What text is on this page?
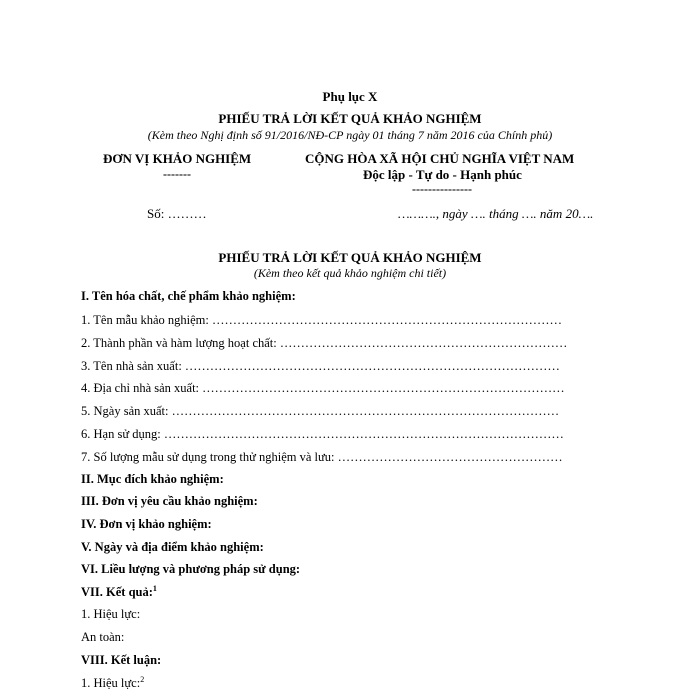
Phụ lục X
PHIẾU TRẢ LỜI KẾT QUẢ KHẢO NGHIỆM
(Kèm theo Nghị định số 91/2016/NĐ-CP ngày 01 tháng 7 năm 2016 của Chính phủ)
ĐƠN VỊ KHẢO NGHIỆM
-------
CỘNG HÒA XÃ HỘI CHỦ NGHĨA VIỆT NAM
Độc lập - Tự do - Hạnh phúc
---------------
Số: ………	………., ngày …. tháng …. năm 20….
PHIẾU TRẢ LỜI KẾT QUẢ KHẢO NGHIỆM
(Kèm theo kết quả khảo nghiệm chi tiết)
I. Tên hóa chất, chế phẩm khảo nghiệm:
1. Tên mẫu khảo nghiệm: …………………………………………………………………………
2. Thành phần và hàm lượng hoạt chất: ……………………………………………………………
3. Tên nhà sản xuất: ………………………………………………………………………………
4. Địa chỉ nhà sản xuất: ……………………………………………………………………………
5. Ngày sản xuất: …………………………………………………………………………………
6. Hạn sử dụng: ……………………………………………………………………………………
7. Số lượng mẫu sử dụng trong thử nghiệm và lưu: ………………………………………………
II. Mục đích khảo nghiệm:
III. Đơn vị yêu cầu khảo nghiệm:
IV. Đơn vị khảo nghiệm:
V. Ngày và địa điểm khảo nghiệm:
VI. Liều lượng và phương pháp sử dụng:
VII. Kết quả:$^1$
1. Hiệu lực:
An toàn:
VIII. Kết luận:
1. Hiệu lực:$^2$
